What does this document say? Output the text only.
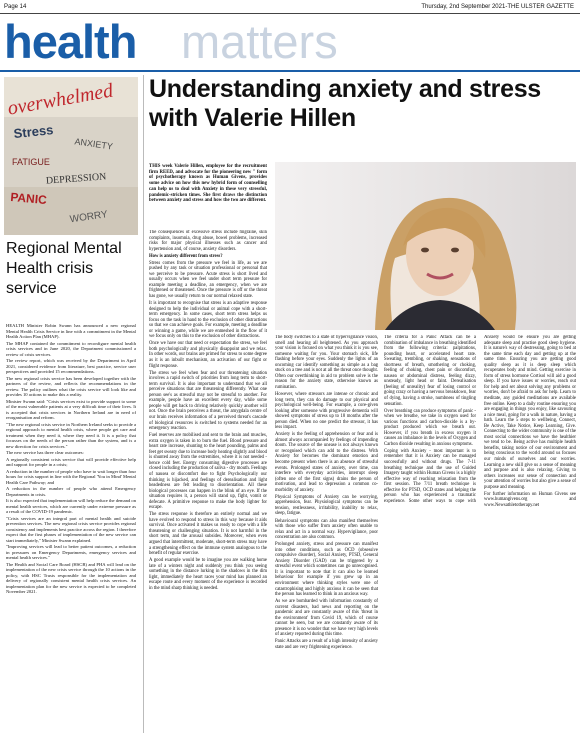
Page 14	Thursday, 2nd September 2021-THE ULSTER GAZETTE
health matters
overwhelmed
Stress
ANXIETY
FATIGUE
DEPRESSION
PANIC
WORRY
Regional Mental Health crisis service

HEALTH Minister Robin Swann has announced a new regional Mental Health Crisis Service in line with a commitment in the Mental Health Action Plan (MHAP).

The MHAP contained the commitment to reconfigure mental health crisis services and in June 2020, the Department commissioned a review of crisis services.

The review report, which was received by the Department in April 2021, considered evidence from literature, best practice, service user perspectives and provided 15 recommendations.

The new regional crisis service has been developed together with the partners of the review, and reflects the recommendations in the review. The policy outlines what the crisis service will look like and provides 10 actions to make this a reality.

Minister Swann said: "Crisis services exist to provide support to some of the most vulnerable patients at a very difficult time of their lives. It is accepted that crisis services in Northern Ireland are in need of reorganisation and reform.

"The new regional crisis service in Northern Ireland seeks to provide a regional approach to mental health crisis, where people get care and treatment when they need it, where they need it. It is a policy that focusses on the needs of the person rather than the system, and is a new direction for crisis services."

The new service has three clear outcomes:

A regionally consistent crisis service that will provide effective help and support for people in a crisis;

A reduction in the number of people who have to wait longer than four hours for crisis support in line with the Regional 'You in Mind' Mental Health Care Pathway; and

A reduction in the number of people who attend Emergency Departments in crisis.

It is also expected that implementation will help reduce the demand on mental health services, which are currently under extreme pressure as a result of the COVID-19 pandemic.

"Crisis services are an integral part of mental health and suicide prevention services. The new regional crisis service provides regional consistency and implements best practice across the region. I therefore expect that the first phases of implementation of the new service can start immediately," Minister Swann explained.

"Improving services will lead to better patient outcomes, a reduction in pressures on Emergency Departments, emergency services and mental health services."

The Health and Social Care Board (HSCB) and PHA will lead on the implementation of the new crisis service through the 10 actions in the policy, with HSC Trusts responsible for the implementation and delivery of regionally consistent mental health crisis services. An implementation plan for the new service is expected to be completed November 2021.

Understanding anxiety and stress with Valerie Hillen

THIS week Valerie Hillen, employee for the recruitment firm REED, and advocate for the pioneering new " form of psychotherapy known as Human Givens, provides some advice on how this new hybrid form of counselling can help us to deal with Anxiety in these very stressful, pandemic-stricken times. She first draws the distinction between anxiety and stress and how the two are different.

The consequences of excessive stress include migraine, skin complaints, insomnia, drug abuse, bowel problems, increased risks for major physical illnesses such as cancer and hypertension and, of course, anxiety disorders.

How is anxiety different from stress?

Stress comes from the pressure we feel in life, as we are pushed by any task or situation professional or personal that we perceive to be pressure. Acute stress is short lived and usually occurs when we feel under short term pressure for example meeting a deadline, an emergency, when we are frightened or threatened. Once the pressure is off or the threat has gone, we usually return to our normal relaxed state.

It is important to recognise that stress is an adaptive response designed to help the individual or animal cope with a short-term emergency. In some cases, short term stress helps us focus on the task in hand to the exclusion of other distractions so that we can achieve goals. For example, meeting a deadline or winning a game, while we are enmeshed in the flow of it we focus only on this to the exclusion of other distractions.

Once we have our that need or expectation the stress, we feel both psychologically and physically disappoint and we relax. In other words, our brains are primed for stress to some degree as it is an inbuilt mechanism, an activation of our fight or flight response.

The stress we feel when fear and our threatening situation involves a rapid switch of priorities from long term to short-term survival. It is also important to understand that we all perceive situations that are threatening differently. What one person see's as stressful may not be stressful to another. For example, people have an excellent every day, while some people will get back to driving relatively quickly another will not. Once the brain perceives a threat, the amygdala centre of our brain receives information of a perceived threat's cascade of biological resources is switched to systems needed for an emergency reaction.

Fuel reserves are mobilised and sent to the brain and muscles, extra oxygen is taken in to burn the fuel. Blood pressure and heart rate increase, shunting to the heart pounding, palms and feet get sweaty due to increase body heating slightly and blood is shunted away from the extremities, where it is not needed - hence cold feet. Energy consuming digestive processes are closed including the production of saliva - dry mouth. Feelings of nausea or discomfort due to fight Psychologically our thinking is hijacked, and feelings of derealisation and light headedness are felt leading to disorientation. All these biological processes can happen in the blink of an eye. If the situation requires it, a person will stand up, fight, vomit or defecate. A primitive response to make the body lighter for escape.

The stress response is therefore an entirely normal and we have evolved to respond to stress in this way because it aids survival. Once activated it makes us ready to cope with a life threatening or challenging situation. It is not harmful in the short term, and the arousal subsides. Moreover, when even argued that intermittent, moderate, short-term stress may have a strengthening effect on the immune system analogous to the benefit of regular exercise.

A good example would be to imagine you are walking home late of a winters night and suddenly you think you seeing something in the distance lurking in the shadows in the dim light, immediately the heart races your mind has planned an escape route and every moment of the experience is recorded in the mind sharp thinking is needed.

The body switches to a state of hypervigilance vision, smell and hearing all heightened. As you approach your vision is focused on what you think it is you see, someone waiting for you. Your stomach sick, life flashing before your eyes. Suddenly the lights of an oncoming car identify something as simple as a bag stuck on a tree and is not at all the threat once thought. Often our overthinking in aid to problem solve is the reason for the anxiety state, otherwise known as rumination.

However, where stressors are intense or chronic and long term, they can do damage to our physical and psychological well-being. For example, a core-given looking after someone with progressive dementia will showed symptoms of stress up to 18 months after the person died. When no one predict the stressor, it has less impact.

Anxiety is the feeling of apprehension or fear and is almost always accompanied by feelings of impending doom. The source of the unease is not always known or recognised which can add to the distress. With Anxiety for becomes the dominant emotion and become present when there is an absence of stressful events. Prolonged states of anxiety, over time, can interfere with everyday activities, interrupt sleep (often one of the first signs) drains the person of motivation, and lead to depression a common co-morbidity of anxiety.

Physical Symptoms of Anxiety can be worrying, apprehension, fear. Physiological symptoms can be tension, restlessness, irritability, inability to relax, sleep, fatigue.

Behavioural symptoms can also manifest themselves with those who suffer from anxiety often unable to relax and act in a normal way. Hypervigilance, poor concentration are also common.

Prolonged anxiety, stress and pressure can manifest into other conditions, such as OCD (obsessive compulsive disorder), Social Anxiety, PTSD, General Anxiety Disorder (GAD) can be triggered by a stressful event which sometimes can go unrecognised. It is important to note that it can also be learned behaviour for example if you grew up in an environment where thinking styles were one of catastrophising and highly anxious it can be seen that the person has learned to think in an anxious way.

As we are bombarded with information constantly of current disasters, bad news and reporting on the pandemic and are constantly aware of this 'threat in the environment' from Covid 19, which of course cannot be seen, but we are constantly aware of its presence it is no wonder that we have very high levels of anxiety reported during this time.

Panic Attacks are a result of a high intensity of anxiety state and are very frightening experience.

The criteria for a Panic Attack can be a combination of imbalance in breathing identified from the following criteria: palpitations, pounding heart, or accelerated heart rate. Sweating, trembling, or shaking, sensations of shortness of breath, smothering or choking, feeling of choking, chest pain or discomfort, nausea or abdominal distress, feeling dizzy, unsteady, light head or faint. Derealisation (feeling of unreality) fear of losing control or going crazy or having a nervous breakdown, fear of dying, having a stroke, numbness of tingling sensation.

Over breathing can produce symptoms of panic - when we breathe, we take in oxygen used for various functions and carbon-dioxide is a by-product produced which we breath out. However, if you breath in excess oxygen it causes an imbalance in the levels of Oxygen and Carbon dioxide resulting in anxious symptoms.

Coping with Anxiety - most important is to remember that it is Anxiety can be managed successfully and without drugs. The 7-11 breathing technique and the use of Guided Imagery taught within Human Givens is a highly effective way of reaching relaxation from the first session. The 7/11 breath technique is effective for PTSD, OCD states and helping the person who has experienced a traumatic experience. Some other ways to cope with Anxiety would be ensure you are getting adequate sleep and practise good sleep hygiene. It is nature's way of destressing, going to bed at the same time each day and getting up at the same time. Ensuring you are getting good quality sleep as it is deep sleep which recuperates body and mind. Getting exercise in form of stress hormone Cortisol will aid a good sleep. If you have issues or worries, reach out for help and set about solving any problems or worries, don't be afraid to ask for help. Learn to meditate, any guided meditations are available free online. Keep to a daily routine ensuring you are engaging in things you enjoy, like savouring a nice meal, going for a walk in nature, having a bath. Learn the 5 steps to wellbeing, Connect, Be Active, Take Notice, Keep Learning, Give. Connecting to the wider community is one of the most social connections we have the healthier we tend to be. Being active has multiple health benefits, taking notice of our environment and being conscious to the world around us focuses our minds of ourselves and our worries. Learning a new skill give us a sense of meaning and purpose and is also relaxing. Giving to others increases our sense of connection and your attention of worries but also give a sense of purpose and meaning.

For further information on Human Givens see www.humangivens.org and www.Newsathletotherapy.net
